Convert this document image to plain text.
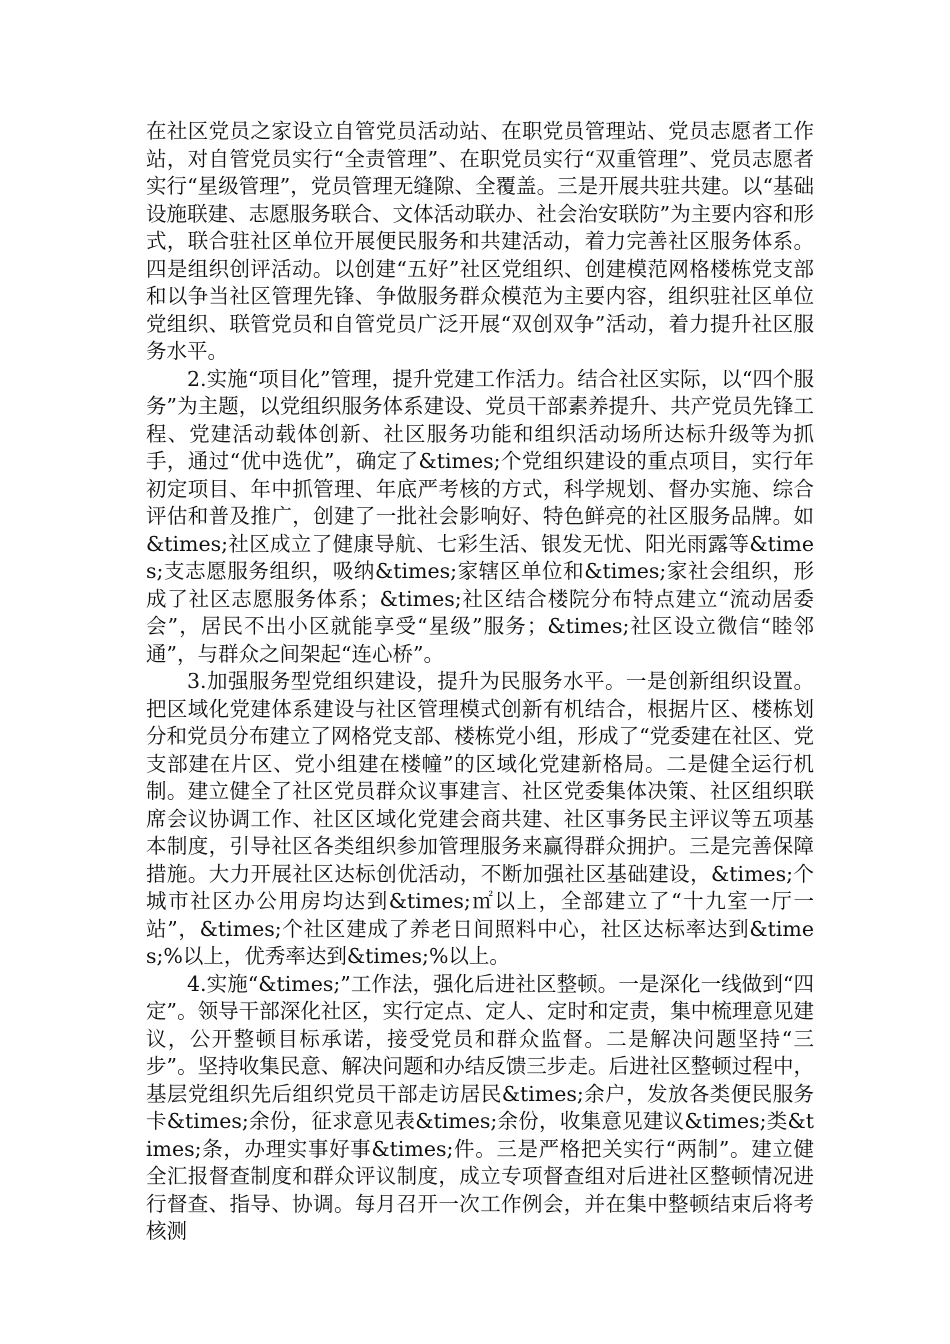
在社区党员之家设立自管党员活动站、在职党员管理站、党员志愿者工作站，对自管党员实行“全责管理”、在职党员实行“双重管理”、党员志愿者实行“星级管理”，党员管理无缝隙、全覆盖。三是开展共驻共建。以“基础设施联建、志愿服务联合、文体活动联办、社会治安联防”为主要内容和形式，联合驻社区单位开展便民服务和共建活动，着力完善社区服务体系。四是组织创评活动。以创建“五好”社区党组织、创建模范网格楼栋党支部和以争当社区管理先锋、争做服务群众模范为主要内容，组织驻社区单位党组织、联管党员和自管党员广泛开展“双创双争”活动，着力提升社区服务水平。

2.实施“项目化”管理，提升党建工作活力。结合社区实际，以“四个服务”为主题，以党组织服务体系建设、党员干部素养提升、共产党员先锋工程、党建活动载体创新、社区服务功能和组织活动场所达标升级等为抓手，通过“优中选优”，确定了&times;个党组织建设的重点项目，实行年初定项目、年中抓管理、年底严考核的方式，科学规划、督办实施、综合评估和普及推广，创建了一批社会影响好、特色鲜亮的社区服务品牌。如&times;社区成立了健康导航、七彩生活、银发无忧、阳光雨露等&times;支志愿服务组织，吸纳&times;家辖区单位和&times;家社会组织，形成了社区志愿服务体系；&times;社区结合楼院分布特点建立“流动居委会”，居民不出小区就能享受“星级”服务；&times;社区设立微信“睦邻通”，与群众之间架起“连心桥”。

3.加强服务型党组织建设，提升为民服务水平。一是创新组织设置。把区域化党建体系建设与社区管理模式创新有机结合，根据片区、楼栋划分和党员分布建立了网格党支部、楼栋党小组，形成了“党委建在社区、党支部建在片区、党小组建在楼幢”的区域化党建新格局。二是健全运行机制。建立健全了社区党员群众议事建言、社区党委集体决策、社区组织联席会议协调工作、社区区域化党建会商共建、社区事务民主评议等五项基本制度，引导社区各类组织参加管理服务来赢得群众拥护。三是完善保障措施。大力开展社区达标创优活动，不断加强社区基础建设，&times;个城市社区办公用房均达到&times;㎡以上，全部建立了“十九室一厅一站”，&times;个社区建成了养老日间照料中心，社区达标率达到&times;%以上，优秀率达到&times;%以上。

4.实施“&times;”工作法，强化后进社区整顿。一是深化一线做到“四定”。领导干部深化社区，实行定点、定人、定时和定责，集中梳理意见建议，公开整顿目标承诺，接受党员和群众监督。二是解决问题坚持“三步”。坚持收集民意、解决问题和办结反馈三步走。后进社区整顿过程中，基层党组织先后组织党员干部走访居民&times;余户，发放各类便民服务卡&times;余份，征求意见表&times;余份，收集意见建议&times;类&times;条，办理实事好事&times;件。三是严格把关实行“两制”。建立健全汇报督查制度和群众评议制度，成立专项督查组对后进社区整顿情况进行督查、指导、协调。每月召开一次工作例会，并在集中整顿结束后将考核测
